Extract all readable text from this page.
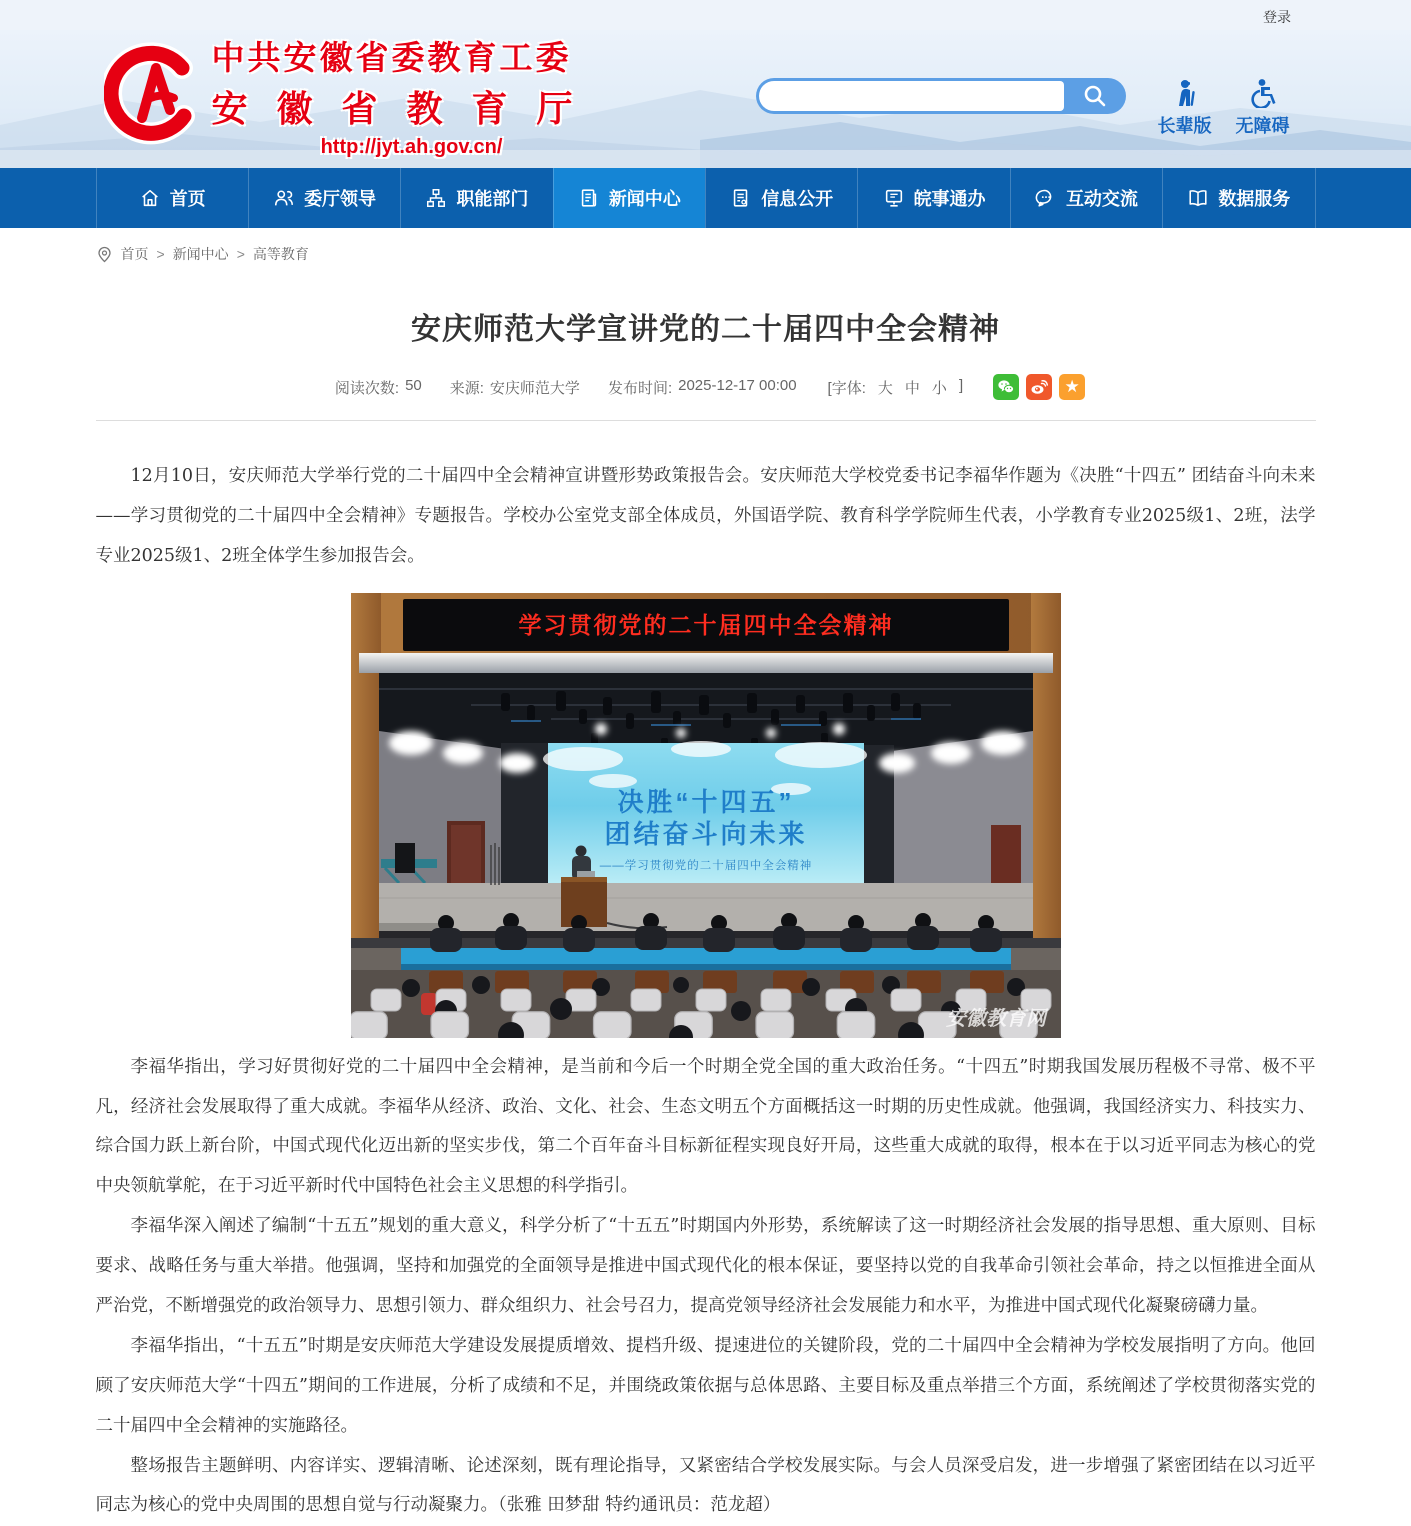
登录
中共安徽省委教育工委
安徽省教育厅
http://jyt.ah.gov.cn/
长辈版 无障碍
首页	委厅领导	职能部门	新闻中心	信息公开	皖事通办	互动交流	数据服务
首页 > 新闻中心 > 高等教育
安庆师范大学宣讲党的二十届四中全会精神
阅读次数: 50 来源: 安庆师范大学 发布时间: 2025-12-17 00:00 [字体: 大 中 小 ]	★

12月10日，安庆师范大学举行党的二十届四中全会精神宣讲暨形势政策报告会。安庆师范大学校党委书记李福华作题为《决胜“十四五” 团结奋斗向未来——学习贯彻党的二十届四中全会精神》专题报告。学校办公室党支部全体成员，外国语学院、教育科学学院师生代表，小学教育专业2025级1、2班，法学专业2025级1、2班全体学生参加报告会。

学习贯彻党的二十届四中全会精神
决胜“十四五”
团结奋斗向未来
——学习贯彻党的二十届四中全会精神
安徽教育网

李福华指出，学习好贯彻好党的二十届四中全会精神，是当前和今后一个时期全党全国的重大政治任务。“十四五”时期我国发展历程极不寻常、极不平凡，经济社会发展取得了重大成就。李福华从经济、政治、文化、社会、生态文明五个方面概括这一时期的历史性成就。他强调，我国经济实力、科技实力、综合国力跃上新台阶，中国式现代化迈出新的坚实步伐，第二个百年奋斗目标新征程实现良好开局，这些重大成就的取得，根本在于以习近平同志为核心的党中央领航掌舵，在于习近平新时代中国特色社会主义思想的科学指引。

李福华深入阐述了编制“十五五”规划的重大意义，科学分析了“十五五”时期国内外形势，系统解读了这一时期经济社会发展的指导思想、重大原则、目标要求、战略任务与重大举措。他强调，坚持和加强党的全面领导是推进中国式现代化的根本保证，要坚持以党的自我革命引领社会革命，持之以恒推进全面从严治党，不断增强党的政治领导力、思想引领力、群众组织力、社会号召力，提高党领导经济社会发展能力和水平，为推进中国式现代化凝聚磅礴力量。

李福华指出，“十五五”时期是安庆师范大学建设发展提质增效、提档升级、提速进位的关键阶段，党的二十届四中全会精神为学校发展指明了方向。他回顾了安庆师范大学“十四五”期间的工作进展，分析了成绩和不足，并围绕政策依据与总体思路、主要目标及重点举措三个方面，系统阐述了学校贯彻落实党的二十届四中全会精神的实施路径。

整场报告主题鲜明、内容详实、逻辑清晰、论述深刻，既有理论指导，又紧密结合学校发展实际。与会人员深受启发，进一步增强了紧密团结在以习近平同志为核心的党中央周围的思想自觉与行动凝聚力。（张雅 田梦甜 特约通讯员：范龙超）
